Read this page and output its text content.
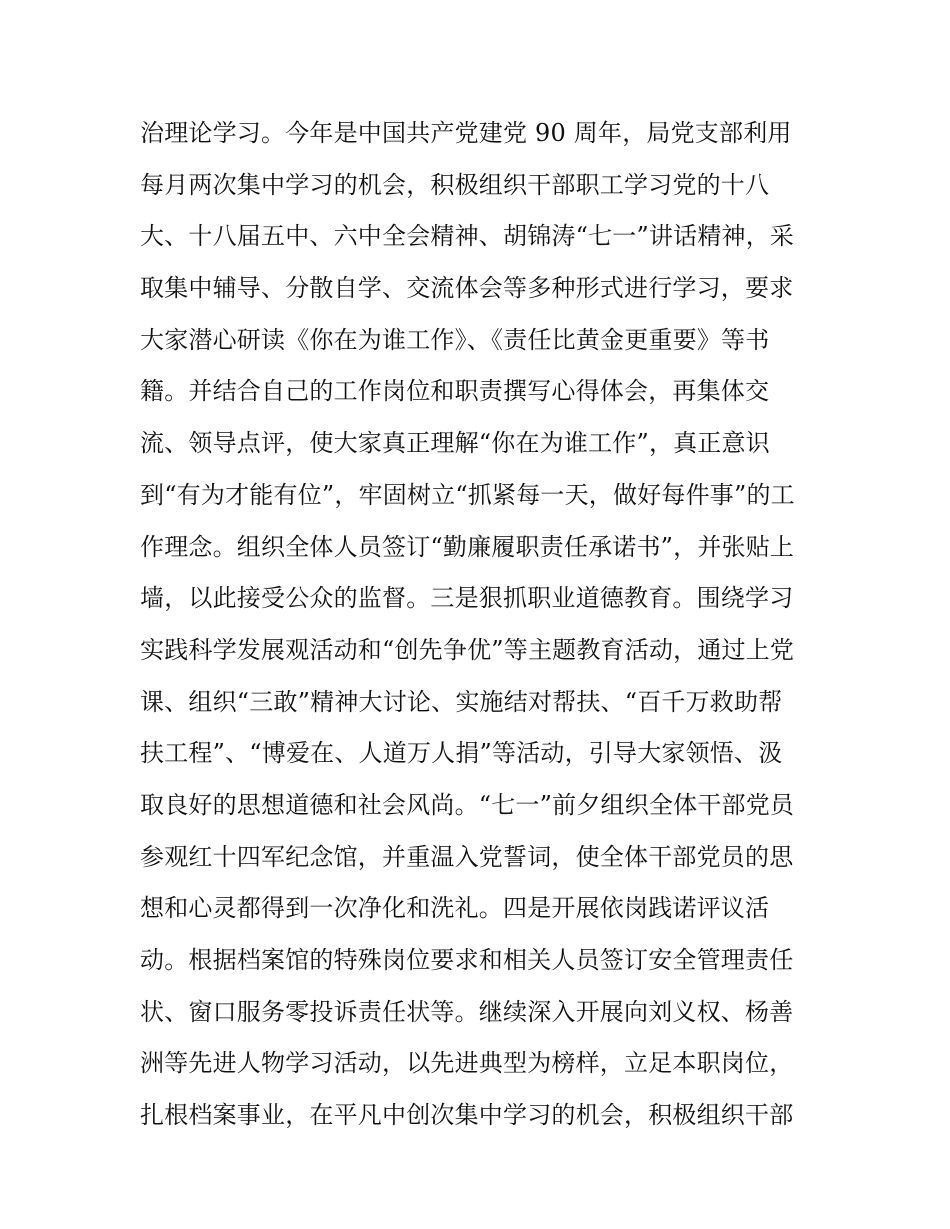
治理论学习。今年是中国共产党建党 90 周年，局党支部利用
每月两次集中学习的机会，积极组织干部职工学习党的十八
大、十八届五中、六中全会精神、胡锦涛“七一”讲话精神，采
取集中辅导、分散自学、交流体会等多种形式进行学习，要求
大家潜心研读《你在为谁工作》、《责任比黄金更重要》等书
籍。并结合自己的工作岗位和职责撰写心得体会，再集体交
流、领导点评，使大家真正理解“你在为谁工作”，真正意识
到“有为才能有位”，牢固树立“抓紧每一天，做好每件事”的工
作理念。组织全体人员签订“勤廉履职责任承诺书”，并张贴上
墙，以此接受公众的监督。三是狠抓职业道德教育。围绕学习
实践科学发展观活动和“创先争优”等主题教育活动，通过上党
课、组织“三敢”精神大讨论、实施结对帮扶、“百千万救助帮
扶工程”、“博爱在、人道万人捐”等活动，引导大家领悟、汲
取良好的思想道德和社会风尚。“七一”前夕组织全体干部党员
参观红十四军纪念馆，并重温入党誓词，使全体干部党员的思
想和心灵都得到一次净化和洗礼。四是开展依岗践诺评议活
动。根据档案馆的特殊岗位要求和相关人员签订安全管理责任
状、窗口服务零投诉责任状等。继续深入开展向刘义权、杨善
洲等先进人物学习活动，以先进典型为榜样，立足本职岗位，
扎根档案事业，在平凡中创次集中学习的机会，积极组织干部
